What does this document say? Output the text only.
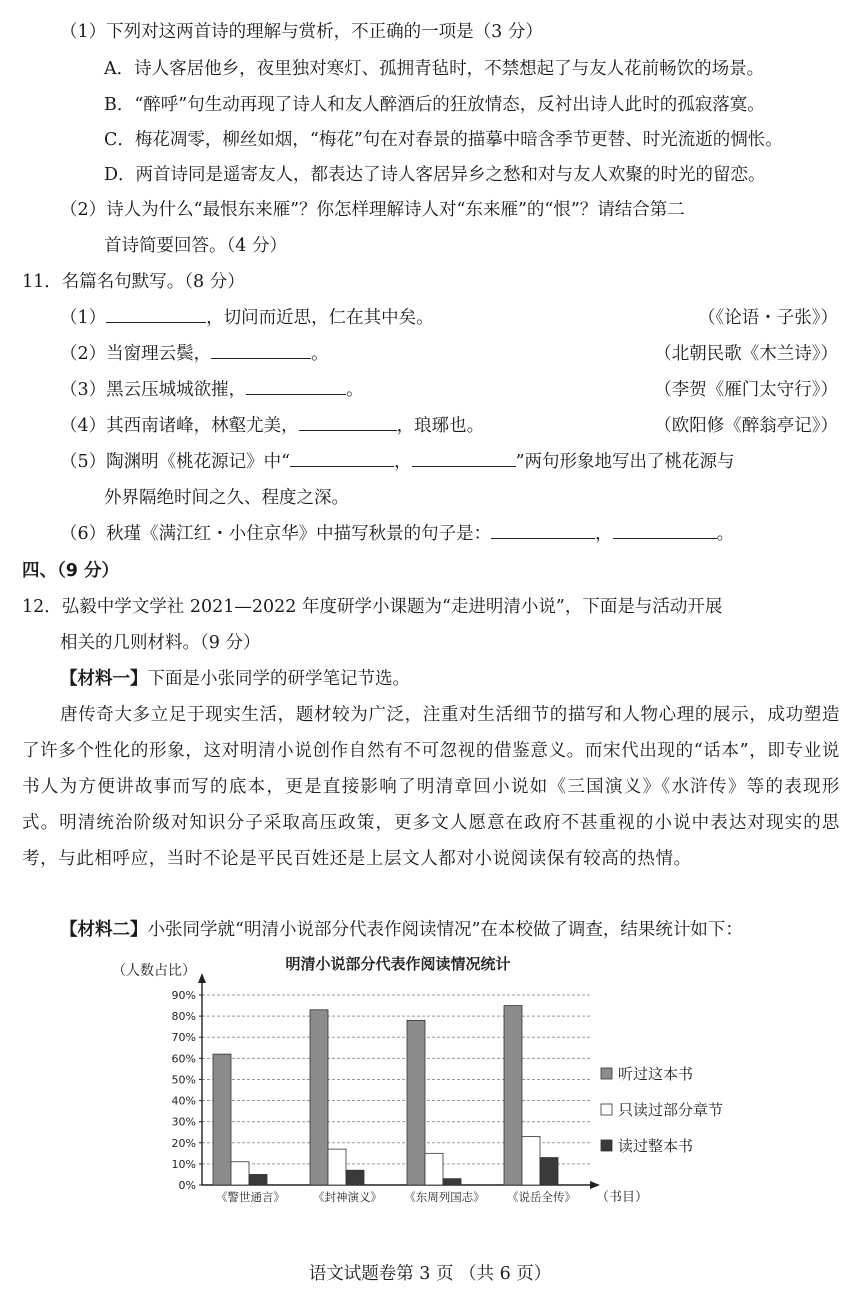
（1）下列对这两首诗的理解与赏析，不正确的一项是（3 分）
A．诗人客居他乡，夜里独对寒灯、孤拥青毡时，不禁想起了与友人花前畅饮的场景。
B．“醉呼”句生动再现了诗人和友人醉酒后的狂放情态，反衬出诗人此时的孤寂落寞。
C．梅花凋零，柳丝如烟，“梅花”句在对春景的描摹中暗含季节更替、时光流逝的惆怅。
D．两首诗同是遥寄友人，都表达了诗人客居异乡之愁和对与友人欢聚的时光的留恋。
（2）诗人为什么“最恨东来雁”？你怎样理解诗人对“东来雁”的“恨”？请结合第二
首诗简要回答。（4 分）
11．名篇名句默写。（8 分）
（1）	，切问而近思，仁在其中矣。	（《论语・子张》）
（2）当窗理云鬓，	。	（北朝民歌《木兰诗》）
（3）黑云压城城欲摧，	。	（李贺《雁门太守行》）
（4）其西南诸峰，林壑尤美，	，琅琊也。	（欧阳修《醉翁亭记》）
（5）陶渊明《桃花源记》中“	，	”两句形象地写出了桃花源与
外界隔绝时间之久、程度之深。
（6）秋瑾《满江红・小住京华》中描写秋景的句子是：	，	。
四、（9 分）
12．弘毅中学文学社 2021—2022 年度研学小课题为“走进明清小说”，下面是与活动开展
相关的几则材料。（9 分）
【材料一】下面是小张同学的研学笔记节选。
唐传奇大多立足于现实生活，题材较为广泛，注重对生活细节的描写和人物心理的展示，成功塑造了许多个性化的形象，这对明清小说创作自然有不可忽视的借鉴意义。而宋代出现的“话本”，即专业说书人为方便讲故事而写的底本，更是直接影响了明清章回小说如《三国演义》《水浒传》等的表现形式。明清统治阶级对知识分子采取高压政策，更多文人愿意在政府不甚重视的小说中表达对现实的思考，与此相呼应，当时不论是平民百姓还是上层文人都对小说阅读保有较高的热情。
【材料二】小张同学就“明清小说部分代表作阅读情况”在本校做了调查，结果统计如下：
明清小说部分代表作阅读情况统计
（人数占比）
0%
10%
20%
30%
40%
50%
60%
70%
80%
90%
《警世通言》 《封神演义》 《东周列国志》 《说岳全传》 （书目）
听过这本书
只读过部分章节
读过整本书
语文试题卷第 3 页 （共 6 页）
